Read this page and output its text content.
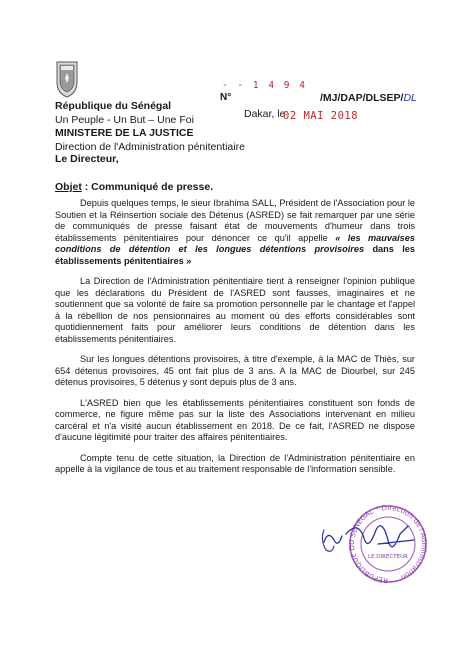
République du Sénégal
Un Peuple - Un But – Une Foi
MINISTERE DE LA JUSTICE
Direction de l'Administration pénitentiaire
- - 1 4 9 4
N°	/MJ/DAP/DLSEP/DL
Dakar, le
02 MAI 2018
Le Directeur,
Objet : Communiqué de presse.

Depuis quelques temps, le sieur Ibrahima SALL, Président de l'Association pour le Soutien et la Réinsertion sociale des Détenus (ASRED) se fait remarquer par une série de communiqués de presse faisant état de mouvements d'humeur dans trois établissements pénitentiaires pour dénoncer ce qu'il appelle « les mauvaises conditions de détention et les longues détentions provisoires dans les établissements pénitentiaires »

La Direction de l'Administration pénitentiaire tient à renseigner l'opinion publique que les déclarations du Président de l'ASRED sont fausses, imaginaires et ne soutiennent que sa volonté de faire sa promotion personnelle par le chantage et l'appel à la rébellion de nos pensionnaires au moment où des efforts considérables sont quotidiennement faits pour améliorer leurs conditions de détention dans les établissements pénitentiaires.

Sur les longues détentions provisoires, à titre d'exemple, à la MAC de Thiès, sur 654 détenus provisoires, 45 ont fait plus de 3 ans. A la MAC de Diourbel, sur 245 détenus provisoires, 5 détenus y sont depuis plus de 3 ans.

L'ASRED bien que les établissements pénitentiaires constituent son fonds de commerce, ne figure même pas sur la liste des Associations intervenant en milieu carcéral et n'a visité aucun établissement en 2018. De ce fait, l'ASRED ne dispose d'aucune légitimité pour traiter des affaires pénitentiaires.

Compte tenu de cette situation, la Direction de l'Administration pénitentiaire en appelle à la vigilance de tous et au traitement responsable de l'information sensible.

REPUBLIQUE DU SENEGAL * Direction de l'Administration
LE DIRECTEUR
